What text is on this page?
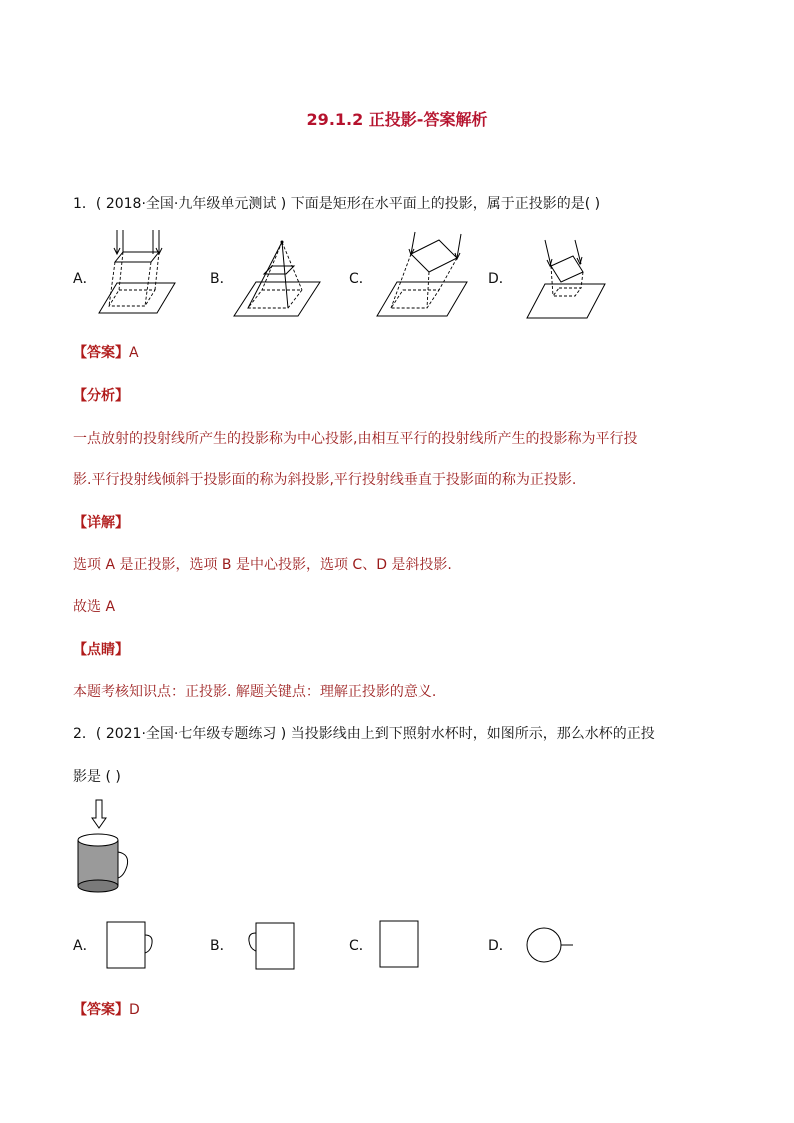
29.1.2 正投影-答案解析
1．( 2018·全国·九年级单元测试 ) 下面是矩形在水平面上的投影，属于正投影的是( )
A．	B．	C．	D．
【答案】A
【分析】
一点放射的投射线所产生的投影称为中心投影,由相互平行的投射线所产生的投影称为平行投
影.平行投射线倾斜于投影面的称为斜投影,平行投射线垂直于投影面的称为正投影.
【详解】
选项 A 是正投影，选项 B 是中心投影，选项 C、D 是斜投影.
故选 A
【点睛】
本题考核知识点：正投影. 解题关键点：理解正投影的意义.
2．( 2021·全国·七年级专题练习 ) 当投影线由上到下照射水杯时，如图所示，那么水杯的正投
影是 ( )
A．	B．	C．	D．
【答案】D
